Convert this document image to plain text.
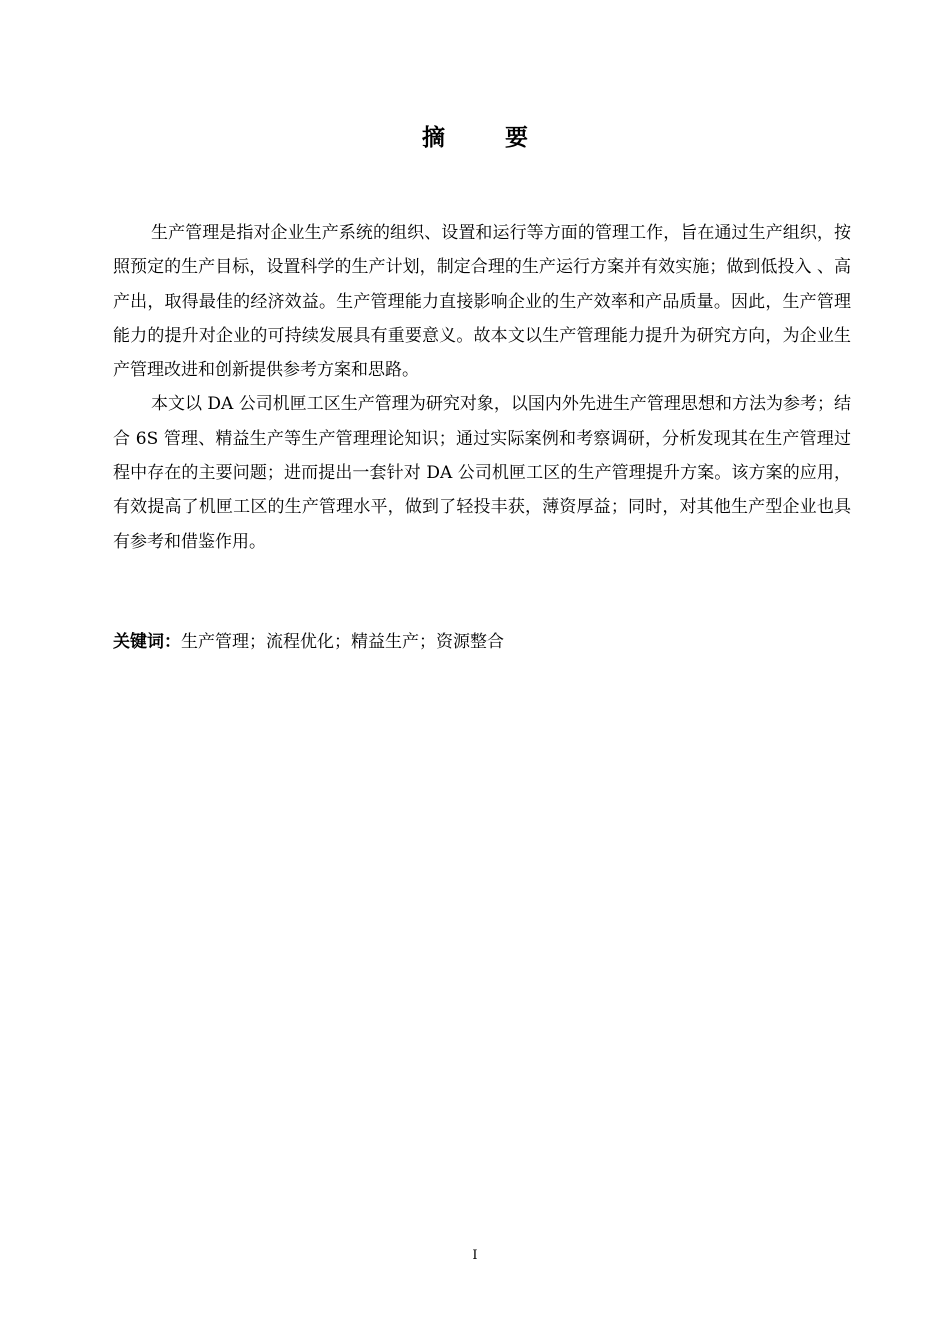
摘 要

生产管理是指对企业生产系统的组织、设置和运行等方面的管理工作，旨在通过生产组织，按照预定的生产目标，设置科学的生产计划，制定合理的生产运行方案并有效实施；做到低投入 、高产出，取得最佳的经济效益。生产管理能力直接影响企业的生产效率和产品质量。因此，生产管理能力的提升对企业的可持续发展具有重要意义。故本文以生产管理能力提升为研究方向，为企业生产管理改进和创新提供参考方案和思路。

本文以 DA 公司机匣工区生产管理为研究对象，以国内外先进生产管理思想和方法为参考；结合 6S 管理、精益生产等生产管理理论知识；通过实际案例和考察调研，分析发现其在生产管理过程中存在的主要问题；进而提出一套针对 DA 公司机匣工区的生产管理提升方案。该方案的应用，有效提高了机匣工区的生产管理水平，做到了轻投丰获，薄资厚益；同时，对其他生产型企业也具有参考和借鉴作用。

关键词：生产管理；流程优化；精益生产；资源整合
I
